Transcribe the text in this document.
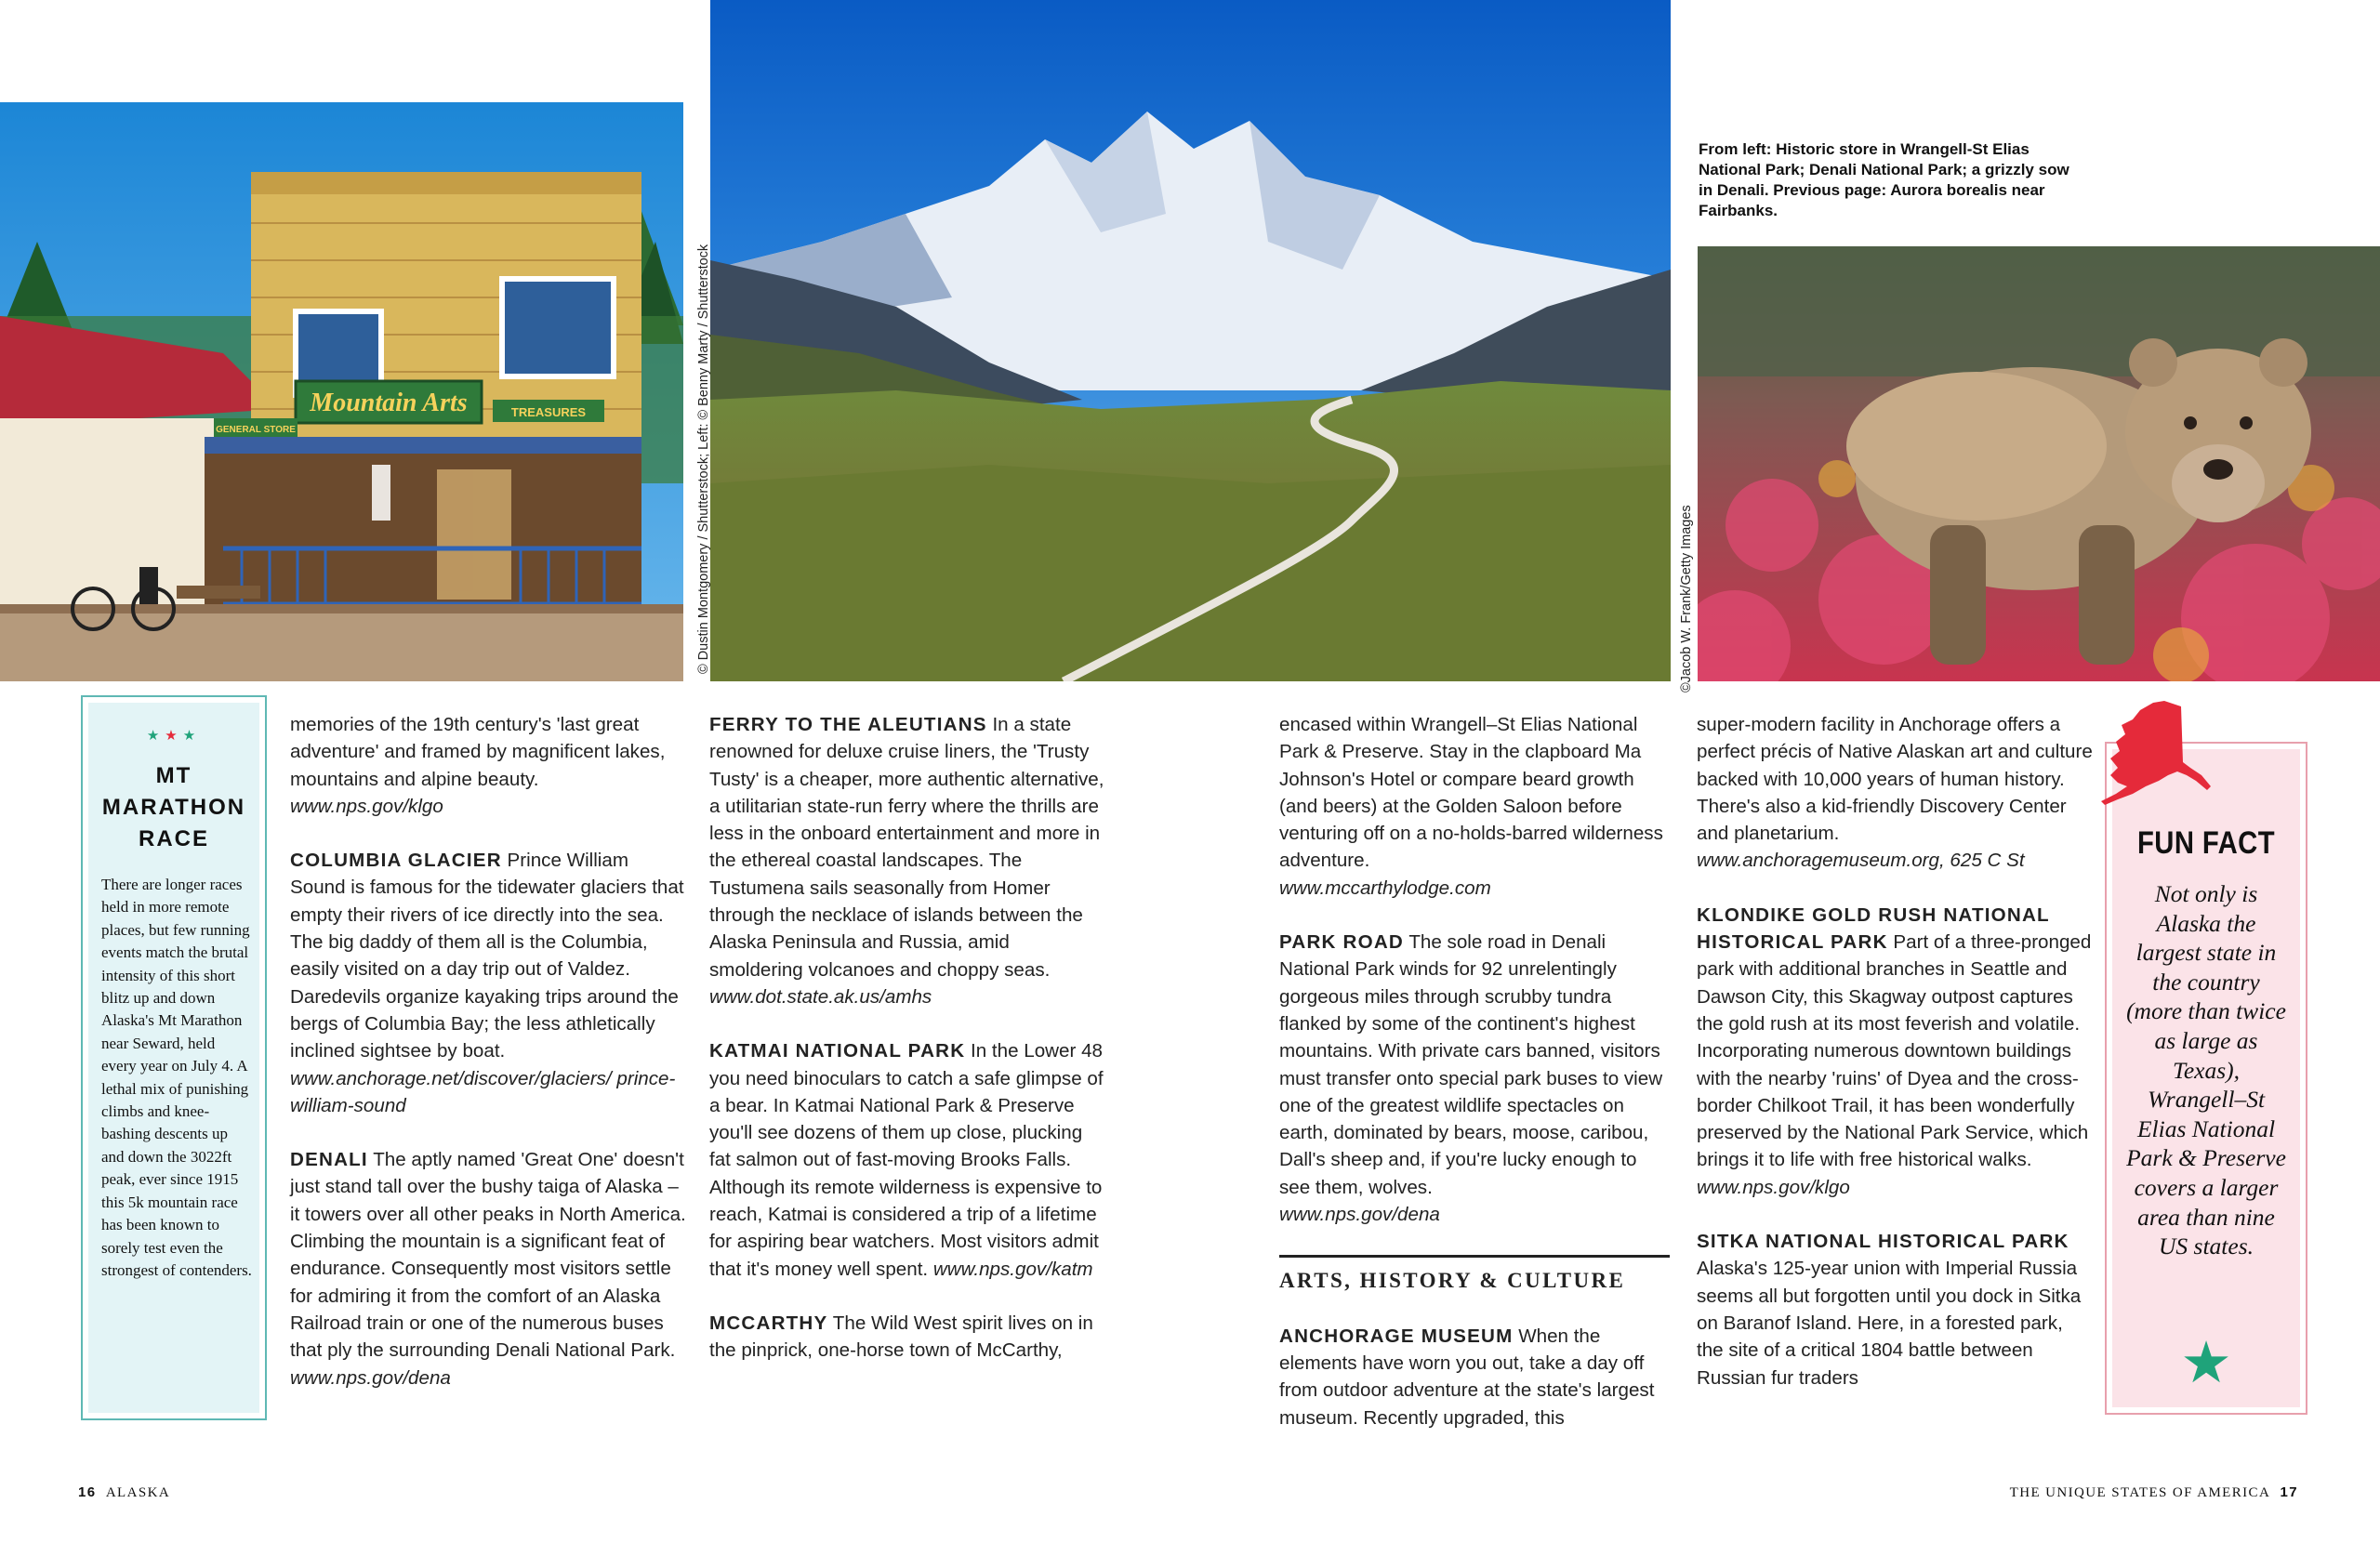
Mountain Arts	TREASURES
GENERAL STORE	© Dustin Montgomery / Shutterstock; Left: © Benny Marty / Shutterstock
From left: Historic store in Wrangell-St Elias National Park; Denali National Park; a grizzly sow in Denali. Previous page: Aurora borealis near Fairbanks.
©Jacob W. Frank/Getty Images
★★★
MT
MARATHON
RACE
There are longer races held in more remote places, but few running events match the brutal intensity of this short blitz up and down Alaska's Mt Marathon near Seward, held every year on July 4. A lethal mix of punishing climbs and knee-bashing descents up and down the 3022ft peak, ever since 1915 this 5k mountain race has been known to sorely test even the strongest of contenders.

memories of the 19th century's 'last great adventure' and framed by magnificent lakes, mountains and alpine beauty.
www.nps.gov/klgo

COLUMBIA GLACIER Prince William Sound is famous for the tidewater glaciers that empty their rivers of ice directly into the sea. The big daddy of them all is the Columbia, easily visited on a day trip out of Valdez. Daredevils organize kayaking trips around the bergs of Columbia Bay; the less athletically inclined sightsee by boat.
www.anchorage.net/discover/glaciers/ prince-william-sound

DENALI The aptly named 'Great One' doesn't just stand tall over the bushy taiga of Alaska – it towers over all other peaks in North America. Climbing the mountain is a significant feat of endurance. Consequently most visitors settle for admiring it from the comfort of an Alaska Railroad train or one of the numerous buses that ply the surrounding Denali National Park.
www.nps.gov/dena

FERRY TO THE ALEUTIANS In a state renowned for deluxe cruise liners, the 'Trusty Tusty' is a cheaper, more authentic alternative, a utilitarian state-run ferry where the thrills are less in the onboard entertainment and more in the ethereal coastal landscapes. The Tustumena sails seasonally from Homer through the necklace of islands between the Alaska Peninsula and Russia, amid smoldering volcanoes and choppy seas.
www.dot.state.ak.us/amhs

KATMAI NATIONAL PARK In the Lower 48 you need binoculars to catch a safe glimpse of a bear. In Katmai National Park & Preserve you'll see dozens of them up close, plucking fat salmon out of fast-moving Brooks Falls. Although its remote wilderness is expensive to reach, Katmai is considered a trip of a lifetime for aspiring bear watchers. Most visitors admit that it's money well spent. www.nps.gov/katm

MCCARTHY The Wild West spirit lives on in the pinprick, one-horse town of McCarthy,

encased within Wrangell–St Elias National Park & Preserve. Stay in the clapboard Ma Johnson's Hotel or compare beard growth (and beers) at the Golden Saloon before venturing off on a no-holds-barred wilderness adventure.
www.mccarthylodge.com

PARK ROAD The sole road in Denali National Park winds for 92 unrelentingly gorgeous miles through scrubby tundra flanked by some of the continent's highest mountains. With private cars banned, visitors must transfer onto special park buses to view one of the greatest wildlife spectacles on earth, dominated by bears, moose, caribou, Dall's sheep and, if you're lucky enough to see them, wolves.
www.nps.gov/dena

ARTS, HISTORY & CULTURE

ANCHORAGE MUSEUM When the elements have worn you out, take a day off from outdoor adventure at the state's largest museum. Recently upgraded, this

super-modern facility in Anchorage offers a perfect précis of Native Alaskan art and culture backed with 10,000 years of human history. There's also a kid-friendly Discovery Center and planetarium.
www.anchoragemuseum.org, 625 C St

KLONDIKE GOLD RUSH NATIONAL HISTORICAL PARK Part of a three-pronged park with additional branches in Seattle and Dawson City, this Skagway outpost captures the gold rush at its most feverish and volatile. Incorporating numerous downtown buildings with the nearby 'ruins' of Dyea and the cross-border Chilkoot Trail, it has been wonderfully preserved by the National Park Service, which brings it to life with free historical walks. www.nps.gov/klgo

SITKA NATIONAL HISTORICAL PARK
Alaska's 125-year union with Imperial Russia seems all but forgotten until you dock in Sitka on Baranof Island. Here, in a forested park, the site of a critical 1804 battle between Russian fur traders

FUN FACT
Not only is Alaska the largest state in the country (more than twice as large as Texas), Wrangell–St Elias National Park & Preserve covers a larger area than nine US states.
★
16 ALASKA	THE UNIQUE STATES OF AMERICA 17
